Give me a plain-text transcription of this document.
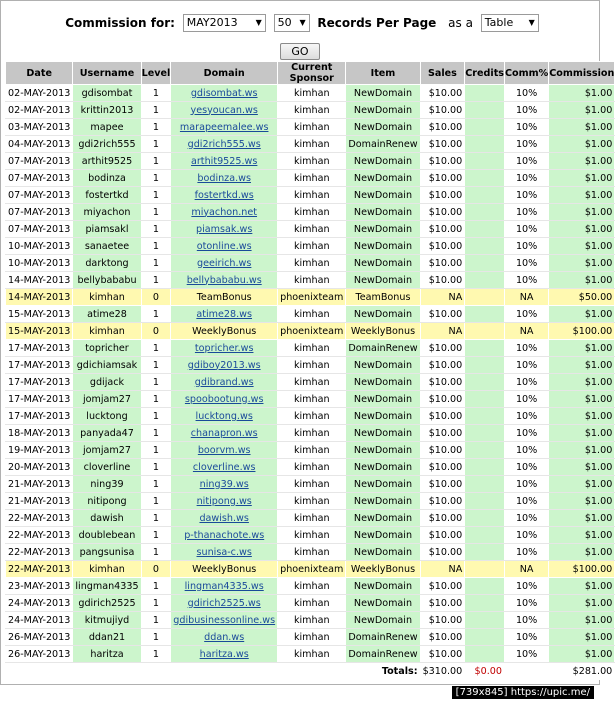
Commission for: MAY2013 ▼ 50 ▼ Records Per Page as a Table ▼
GO
Date	Username	Level	Domain	Current Sponsor	Item	Sales	Credits	Comm%	Commission
02-MAY-2013	gdisombat	1	gdisombat.ws	kimhan	NewDomain	$10.00		10%	$1.00
02-MAY-2013	krittin2013	1	yesyoucan.ws	kimhan	NewDomain	$10.00		10%	$1.00
03-MAY-2013	mapee	1	marapeemalee.ws	kimhan	NewDomain	$10.00		10%	$1.00
04-MAY-2013	gdi2rich555	1	gdi2rich555.ws	kimhan	DomainRenew	$10.00		10%	$1.00
07-MAY-2013	arthit9525	1	arthit9525.ws	kimhan	NewDomain	$10.00		10%	$1.00
07-MAY-2013	bodinza	1	bodinza.ws	kimhan	NewDomain	$10.00		10%	$1.00
07-MAY-2013	fostertkd	1	fostertkd.ws	kimhan	NewDomain	$10.00		10%	$1.00
07-MAY-2013	miyachon	1	miyachon.net	kimhan	NewDomain	$10.00		10%	$1.00
07-MAY-2013	piamsakl	1	piamsak.ws	kimhan	NewDomain	$10.00		10%	$1.00
10-MAY-2013	sanaetee	1	otonline.ws	kimhan	NewDomain	$10.00		10%	$1.00
10-MAY-2013	darktong	1	geeirich.ws	kimhan	NewDomain	$10.00		10%	$1.00
14-MAY-2013	bellybababu	1	bellybababu.ws	kimhan	NewDomain	$10.00		10%	$1.00
14-MAY-2013	kimhan	0	TeamBonus	phoenixteam	TeamBonus	NA		NA	$50.00
15-MAY-2013	atime28	1	atime28.ws	kimhan	NewDomain	$10.00		10%	$1.00
15-MAY-2013	kimhan	0	WeeklyBonus	phoenixteam	WeeklyBonus	NA		NA	$100.00
17-MAY-2013	topricher	1	topricher.ws	kimhan	DomainRenew	$10.00		10%	$1.00
17-MAY-2013	gdichiamsak	1	gdiboy2013.ws	kimhan	NewDomain	$10.00		10%	$1.00
17-MAY-2013	gdijack	1	gdibrand.ws	kimhan	NewDomain	$10.00		10%	$1.00
17-MAY-2013	jomjam27	1	spoobootung.ws	kimhan	NewDomain	$10.00		10%	$1.00
17-MAY-2013	lucktong	1	lucktong.ws	kimhan	NewDomain	$10.00		10%	$1.00
18-MAY-2013	panyada47	1	chanapron.ws	kimhan	NewDomain	$10.00		10%	$1.00
19-MAY-2013	jomjam27	1	boorvm.ws	kimhan	NewDomain	$10.00		10%	$1.00
20-MAY-2013	cloverline	1	cloverline.ws	kimhan	NewDomain	$10.00		10%	$1.00
21-MAY-2013	ning39	1	ning39.ws	kimhan	NewDomain	$10.00		10%	$1.00
21-MAY-2013	nitipong	1	nitipong.ws	kimhan	NewDomain	$10.00		10%	$1.00
22-MAY-2013	dawish	1	dawish.ws	kimhan	NewDomain	$10.00		10%	$1.00
22-MAY-2013	doublebean	1	p-thanachote.ws	kimhan	NewDomain	$10.00		10%	$1.00
22-MAY-2013	pangsunisa	1	sunisa-c.ws	kimhan	NewDomain	$10.00		10%	$1.00
22-MAY-2013	kimhan	0	WeeklyBonus	phoenixteam	WeeklyBonus	NA		NA	$100.00
23-MAY-2013	lingman4335	1	lingman4335.ws	kimhan	NewDomain	$10.00		10%	$1.00
24-MAY-2013	gdirich2525	1	gdirich2525.ws	kimhan	NewDomain	$10.00		10%	$1.00
24-MAY-2013	kitmujiyd	1	gdibusinessonline.ws	kimhan	NewDomain	$10.00		10%	$1.00
26-MAY-2013	ddan21	1	ddan.ws	kimhan	DomainRenew	$10.00		10%	$1.00
26-MAY-2013	haritza	1	haritza.ws	kimhan	DomainRenew	$10.00		10%	$1.00
Totals:						$310.00	$0.00		$281.00
[739x845] https://upic.me/
